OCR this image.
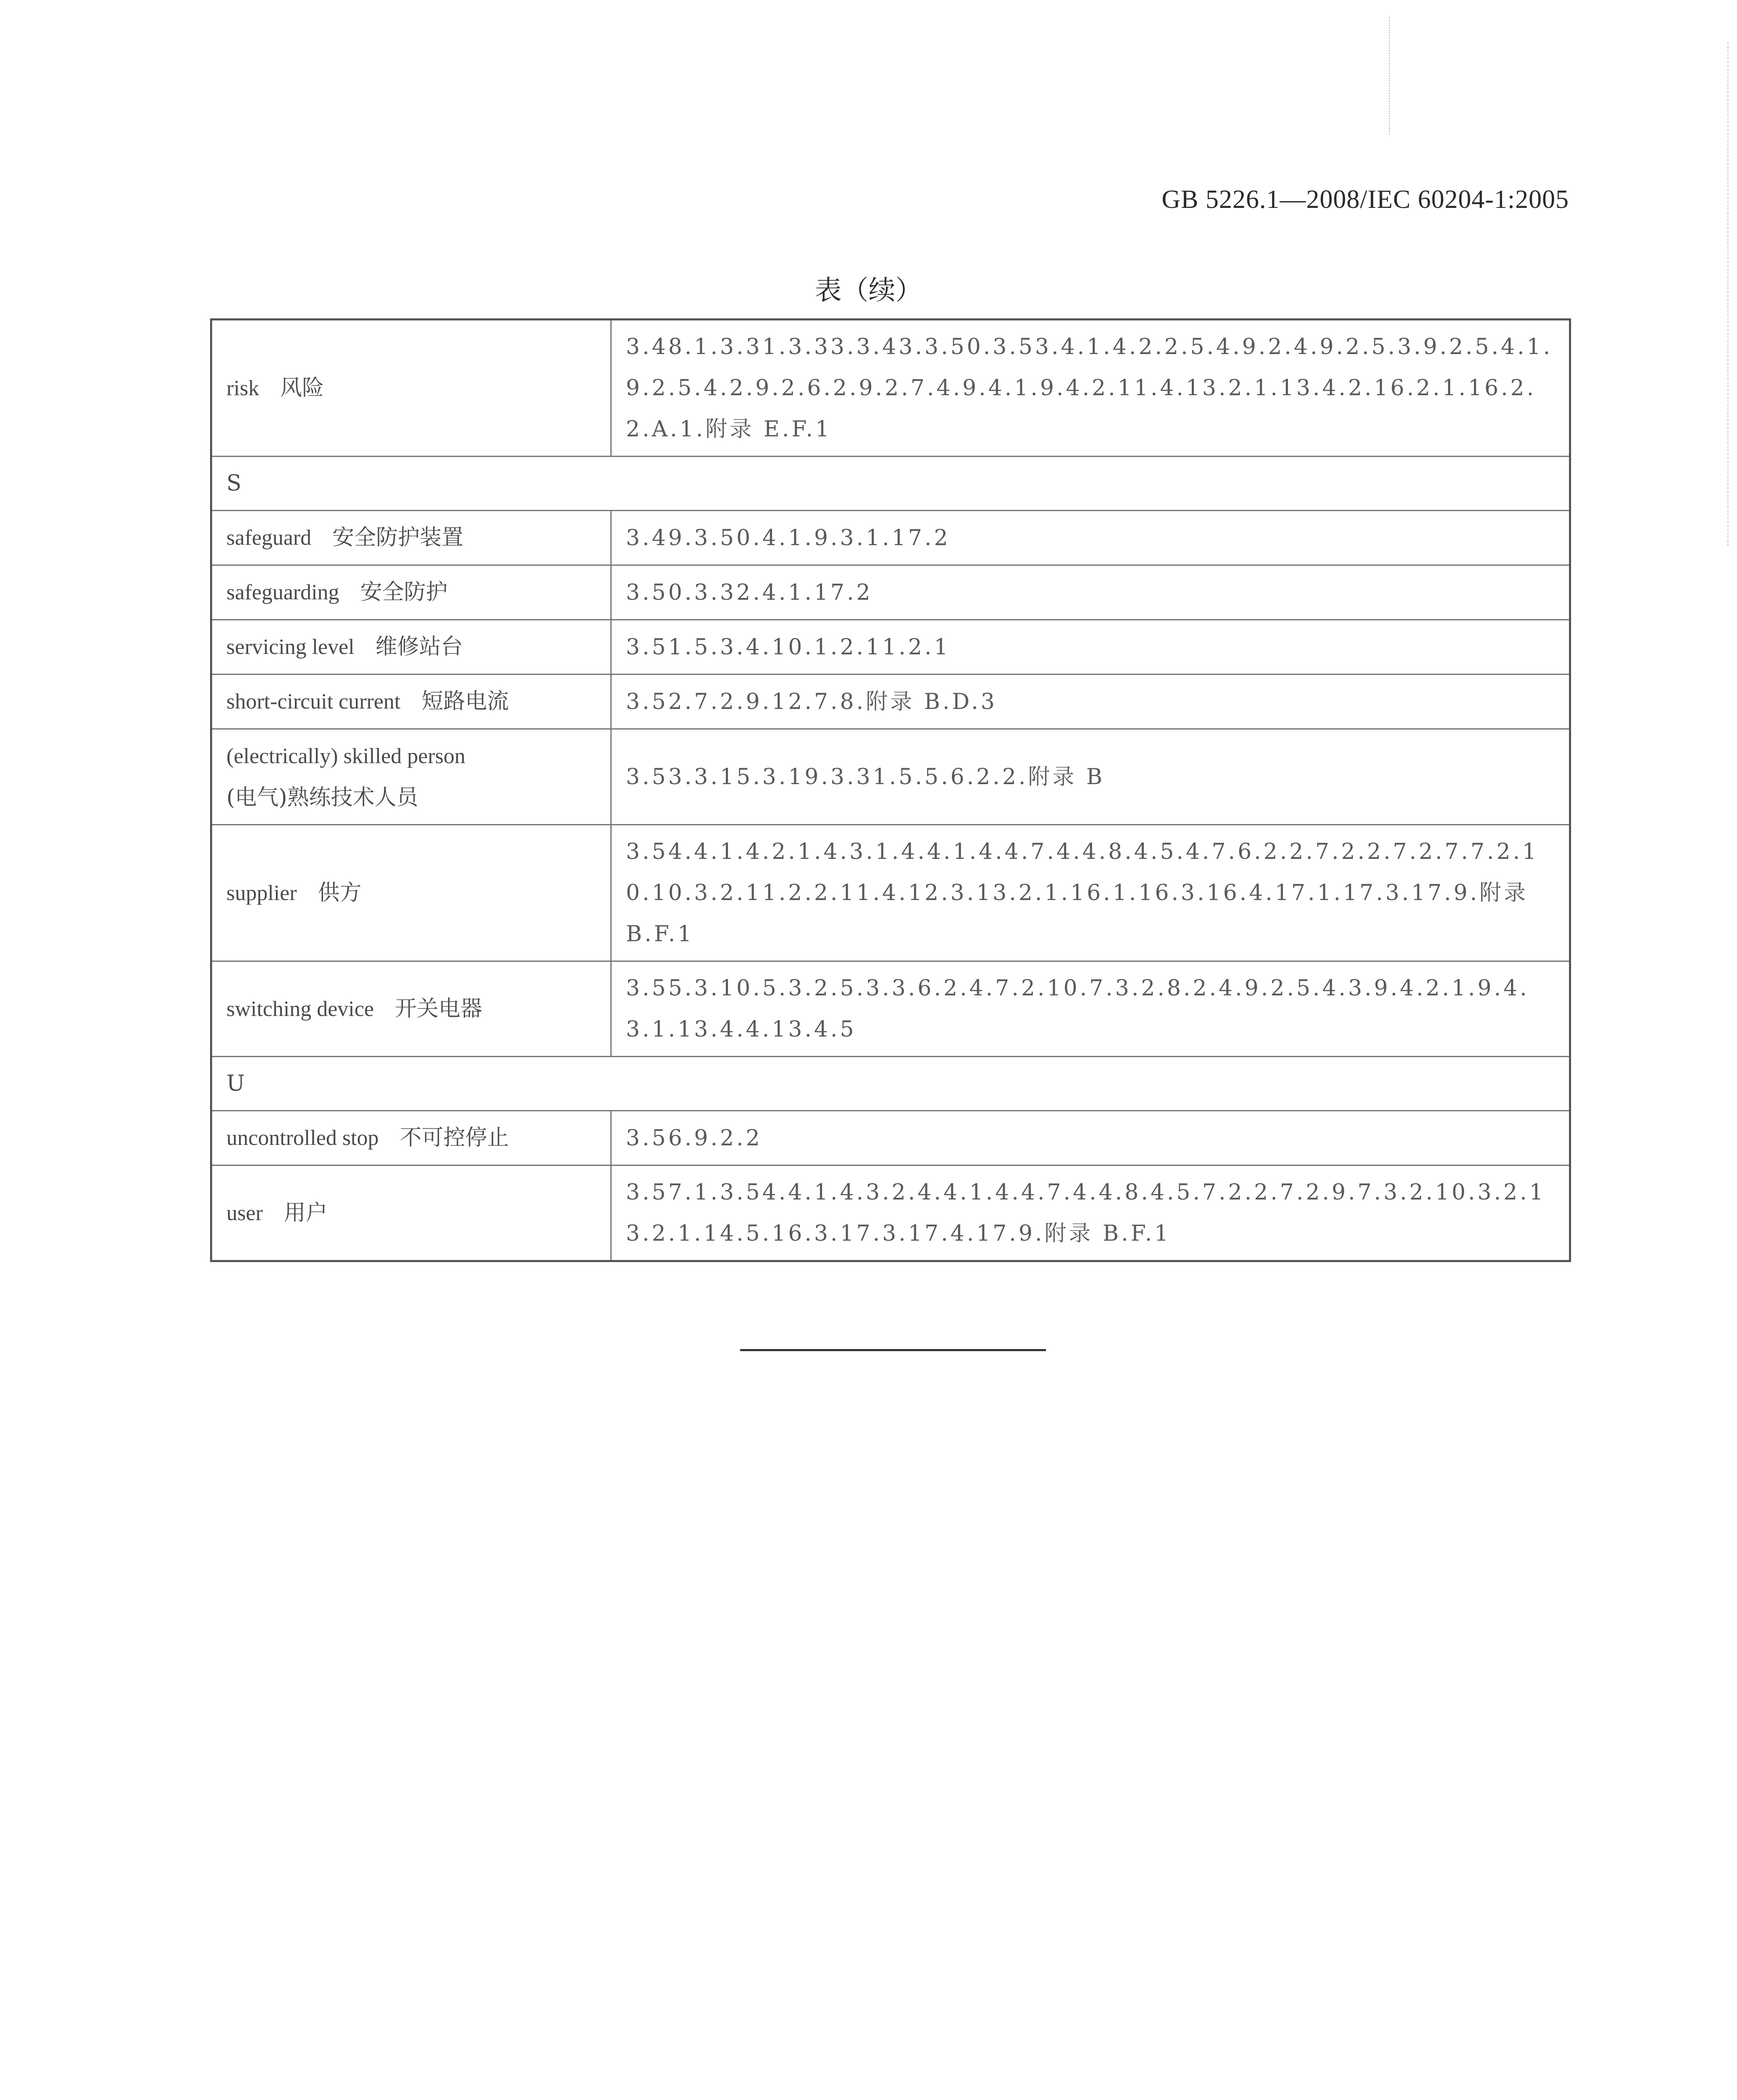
GB 5226.1—2008/IEC 60204-1:2005
表（续）
risk 风险	3.48.1.3.31.3.33.3.43.3.50.3.53.4.1.4.2.2.5.4.9.2.4.9.2.5.3.9.2.5.4.1.9.2.5.4.2.9.2.6.2.9.2.7.4.9.4.1.9.4.2.11.4.13.2.1.13.4.2.16.2.1.16.2.2.A.1.附录 E.F.1
S	
safeguard 安全防护装置	3.49.3.50.4.1.9.3.1.17.2
safeguarding 安全防护	3.50.3.32.4.1.17.2
servicing level 维修站台	3.51.5.3.4.10.1.2.11.2.1
short-circuit current 短路电流	3.52.7.2.9.12.7.8.附录 B.D.3
(electrically) skilled person
(电气)熟练技术人员	3.53.3.15.3.19.3.31.5.5.6.2.2.附录 B
supplier 供方	3.54.4.1.4.2.1.4.3.1.4.4.1.4.4.7.4.4.8.4.5.4.7.6.2.2.7.2.2.7.2.7.7.2.10.10.3.2.11.2.2.11.4.12.3.13.2.1.16.1.16.3.16.4.17.1.17.3.17.9.附录 B.F.1
switching device 开关电器	3.55.3.10.5.3.2.5.3.3.6.2.4.7.2.10.7.3.2.8.2.4.9.2.5.4.3.9.4.2.1.9.4.3.1.13.4.4.13.4.5
U	
uncontrolled stop 不可控停止	3.56.9.2.2
user 用户	3.57.1.3.54.4.1.4.3.2.4.4.1.4.4.7.4.4.8.4.5.7.2.2.7.2.9.7.3.2.10.3.2.13.2.1.14.5.16.3.17.3.17.4.17.9.附录 B.F.1
